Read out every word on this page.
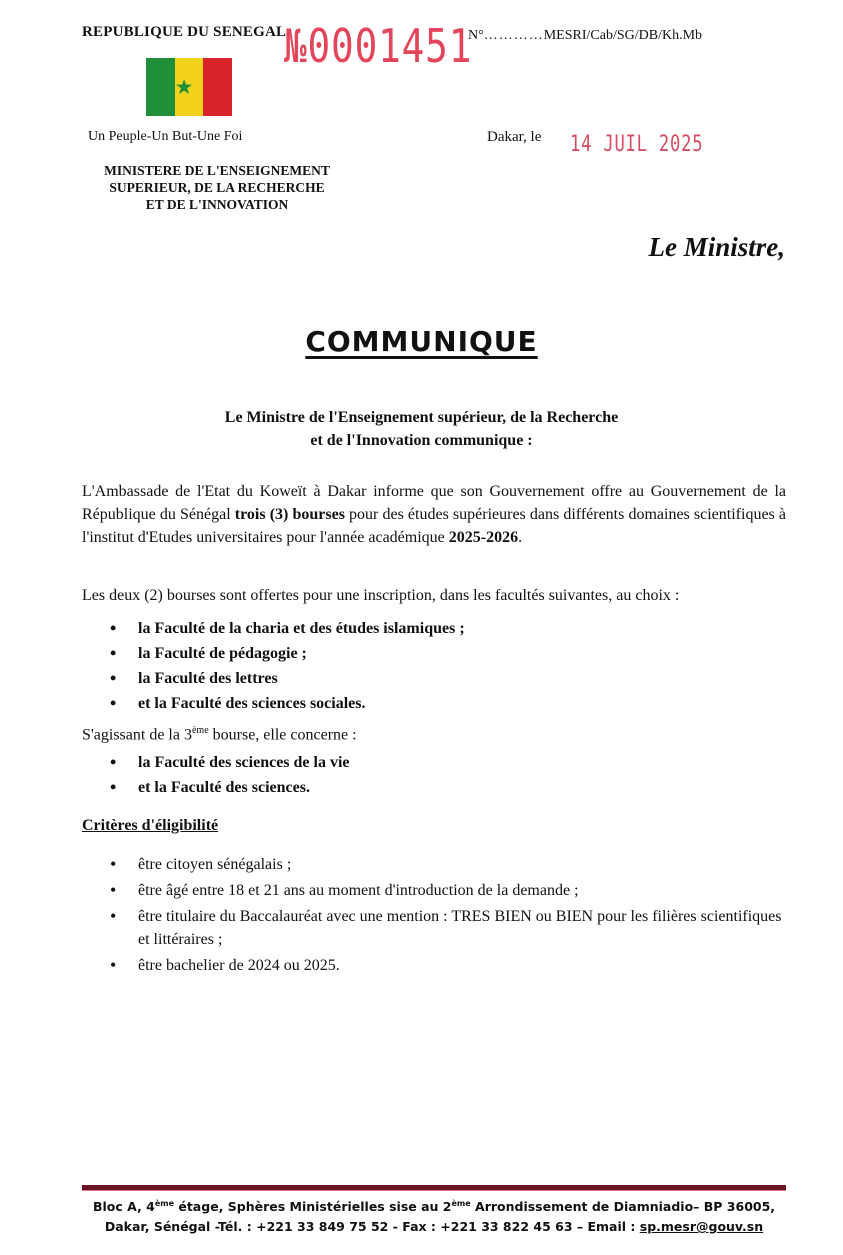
REPUBLIQUE DU SENEGAL
★
Un Peuple-Un But-Une Foi
MINISTERE DE L'ENSEIGNEMENT
SUPERIEUR, DE LA RECHERCHE
ET DE L'INNOVATION
№0001451
N°…………MESRI/Cab/SG/DB/Kh.Mb
Dakar, le 14 JUIL 2025
Le Ministre,
COMMUNIQUE
Le Ministre de l'Enseignement supérieur, de la Recherche
et de l'Innovation communique :
L'Ambassade de l'Etat du Koweït à Dakar informe que son Gouvernement offre au Gouvernement de la République du Sénégal trois (3) bourses pour des études supérieures dans différents domaines scientifiques à l'institut d'Etudes universitaires pour l'année académique 2025-2026.
Les deux (2) bourses sont offertes pour une inscription, dans les facultés suivantes, au choix :
• la Faculté de la charia et des études islamiques ;
• la Faculté de pédagogie ;
• la Faculté des lettres
• et la Faculté des sciences sociales.
S'agissant de la 3ème bourse, elle concerne :
• la Faculté des sciences de la vie
• et la Faculté des sciences.
Critères d'éligibilité
• être citoyen sénégalais ;
• être âgé entre 18 et 21 ans au moment d'introduction de la demande ;
• être titulaire du Baccalauréat avec une mention : TRES BIEN ou BIEN pour les filières scientifiques et littéraires ;
• être bachelier de 2024 ou 2025.
Bloc A, 4ème étage, Sphères Ministérielles sise au 2ème Arrondissement de Diamniadio– BP 36005,
Dakar, Sénégal -Tél. : +221 33 849 75 52 - Fax : +221 33 822 45 63 – Email : sp.mesr@gouv.sn
